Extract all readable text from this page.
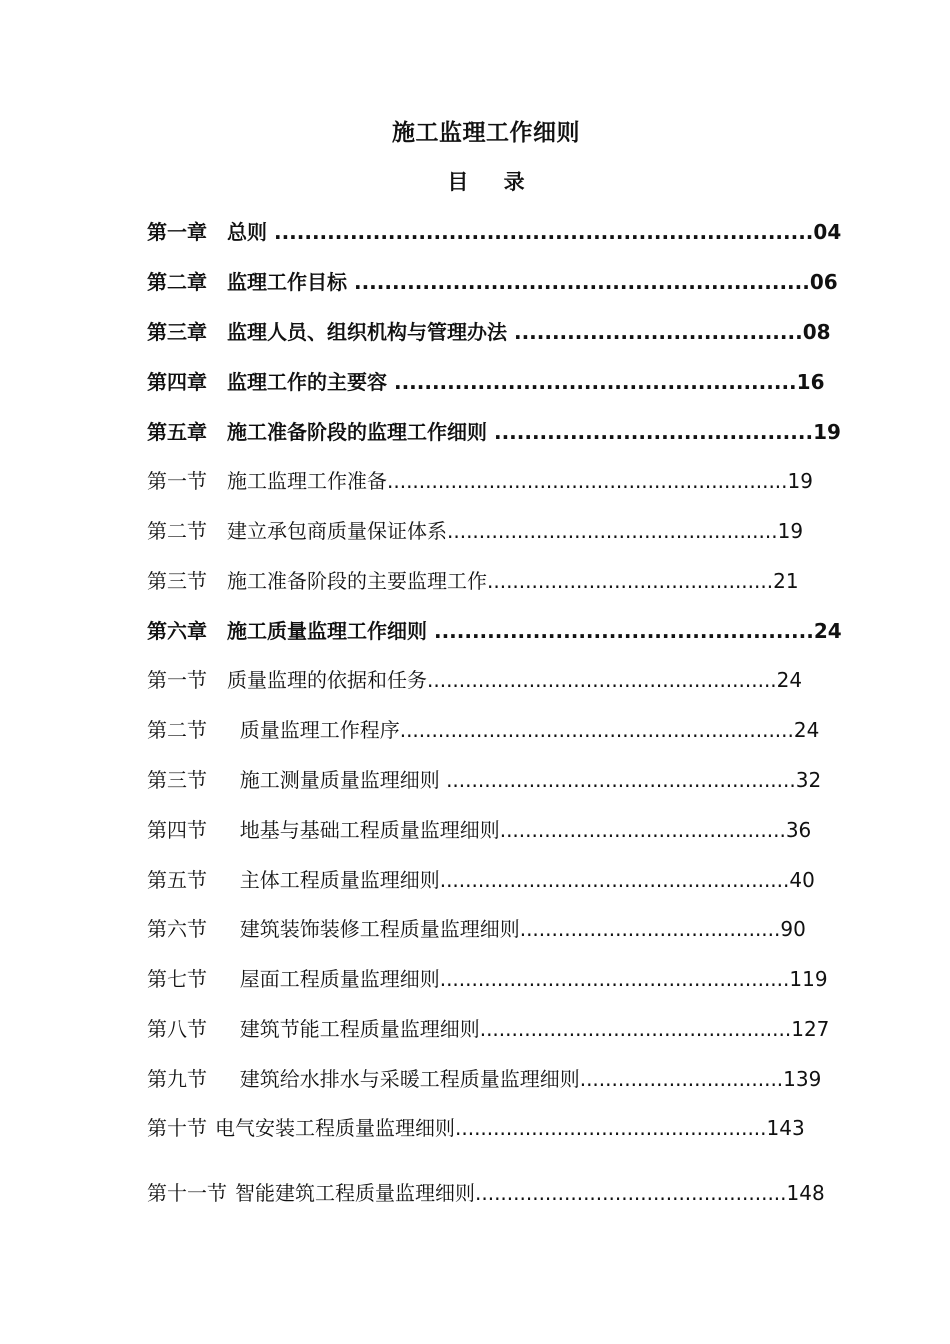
施工监理工作细则
目 录
第一章 总则 .......................................................................04
第二章 监理工作目标 ............................................................06
第三章 监理人员、组织机构与管理办法 ......................................08
第四章 监理工作的主要容 .....................................................16
第五章 施工准备阶段的监理工作细则 ..........................................19
第一节 施工监理工作准备...............................................................19
第二节 建立承包商质量保证体系....................................................19
第三节 施工准备阶段的主要监理工作.............................................21
第六章 施工质量监理工作细则 ..................................................24
第一节 质量监理的依据和任务.......................................................24
第二节  质量监理工作程序..............................................................24
第三节  施工测量质量监理细则 .......................................................32
第四节  地基与基础工程质量监理细则.............................................36
第五节  主体工程质量监理细则.......................................................40
第六节  建筑装饰装修工程质量监理细则.........................................90
第七节  屋面工程质量监理细则.......................................................119
第八节  建筑节能工程质量监理细则.................................................127
第九节  建筑给水排水与采暖工程质量监理细则................................139
第十节 电气安装工程质量监理细则.................................................143
第十一节 智能建筑工程质量监理细则.................................................148
